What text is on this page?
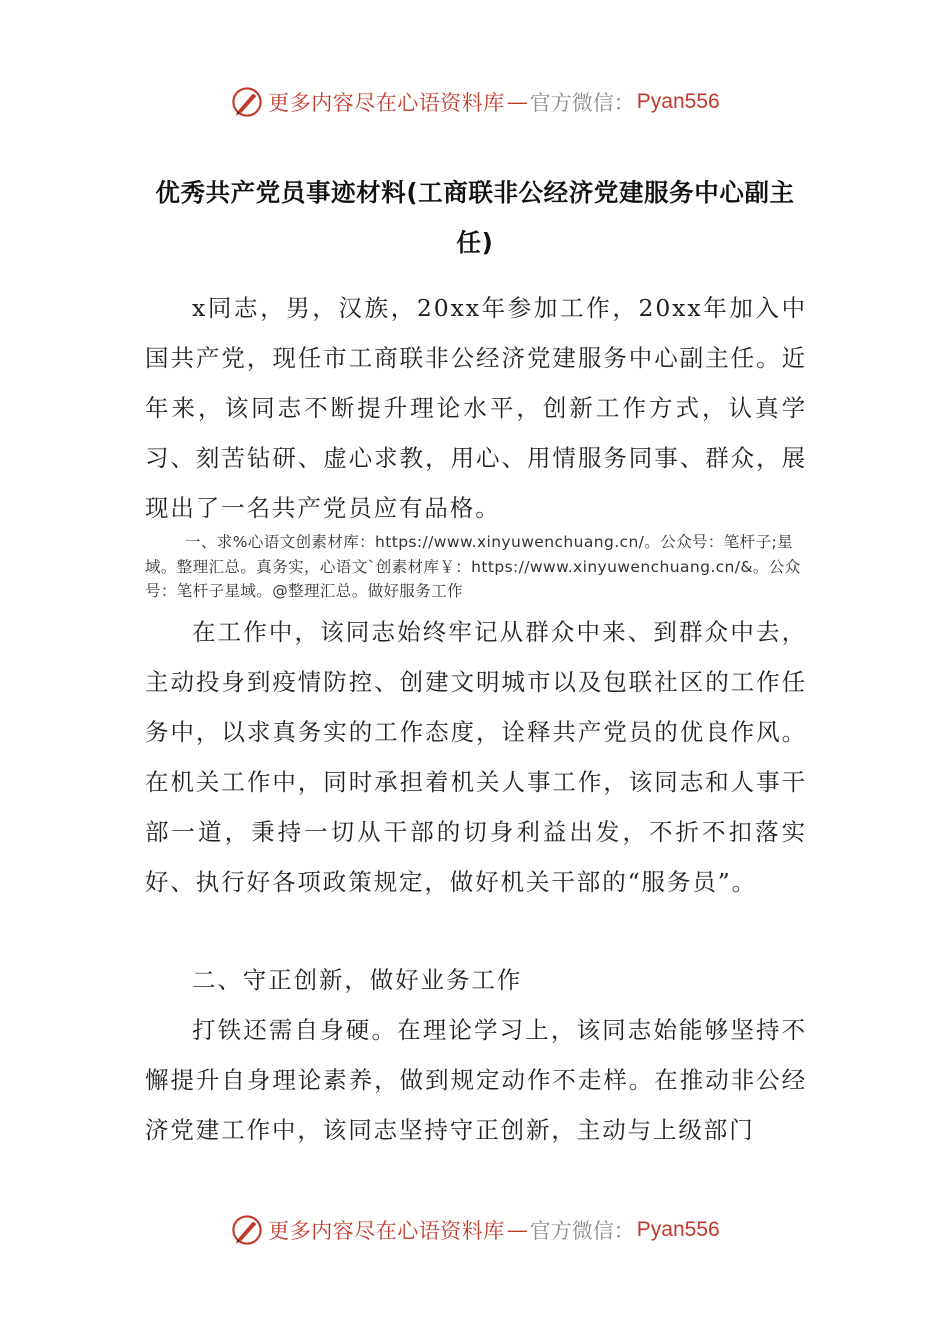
更多内容尽在心语资料库 — 官方微信： Pyan556
优秀共产党员事迹材料(工商联非公经济党建服务中心副主任)

x同志，男，汉族，20xx年参加工作，20xx年加入中国共产党，现任市工商联非公经济党建服务中心副主任。近年来，该同志不断提升理论水平，创新工作方式，认真学习、刻苦钻研、虚心求教，用心、用情服务同事、群众，展现出了一名共产党员应有品格。

一、求%心语文创素材库：https://www.xinyuwenchuang.cn/。公众号：笔杆子;星域。整理汇总。真务实，心语文`创素材库￥：https://www.xinyuwenchuang.cn/&。公众号：笔杆子星域。@整理汇总。做好服务工作

在工作中，该同志始终牢记从群众中来、到群众中去，主动投身到疫情防控、创建文明城市以及包联社区的工作任务中，以求真务实的工作态度，诠释共产党员的优良作风。在机关工作中，同时承担着机关人事工作，该同志和人事干部一道，秉持一切从干部的切身利益出发，不折不扣落实好、执行好各项政策规定，做好机关干部的“服务员”。

二、守正创新，做好业务工作

打铁还需自身硬。在理论学习上，该同志始能够坚持不懈提升自身理论素养，做到规定动作不走样。在推动非公经济党建工作中，该同志坚持守正创新，主动与上级部门

更多内容尽在心语资料库 — 官方微信： Pyan556
